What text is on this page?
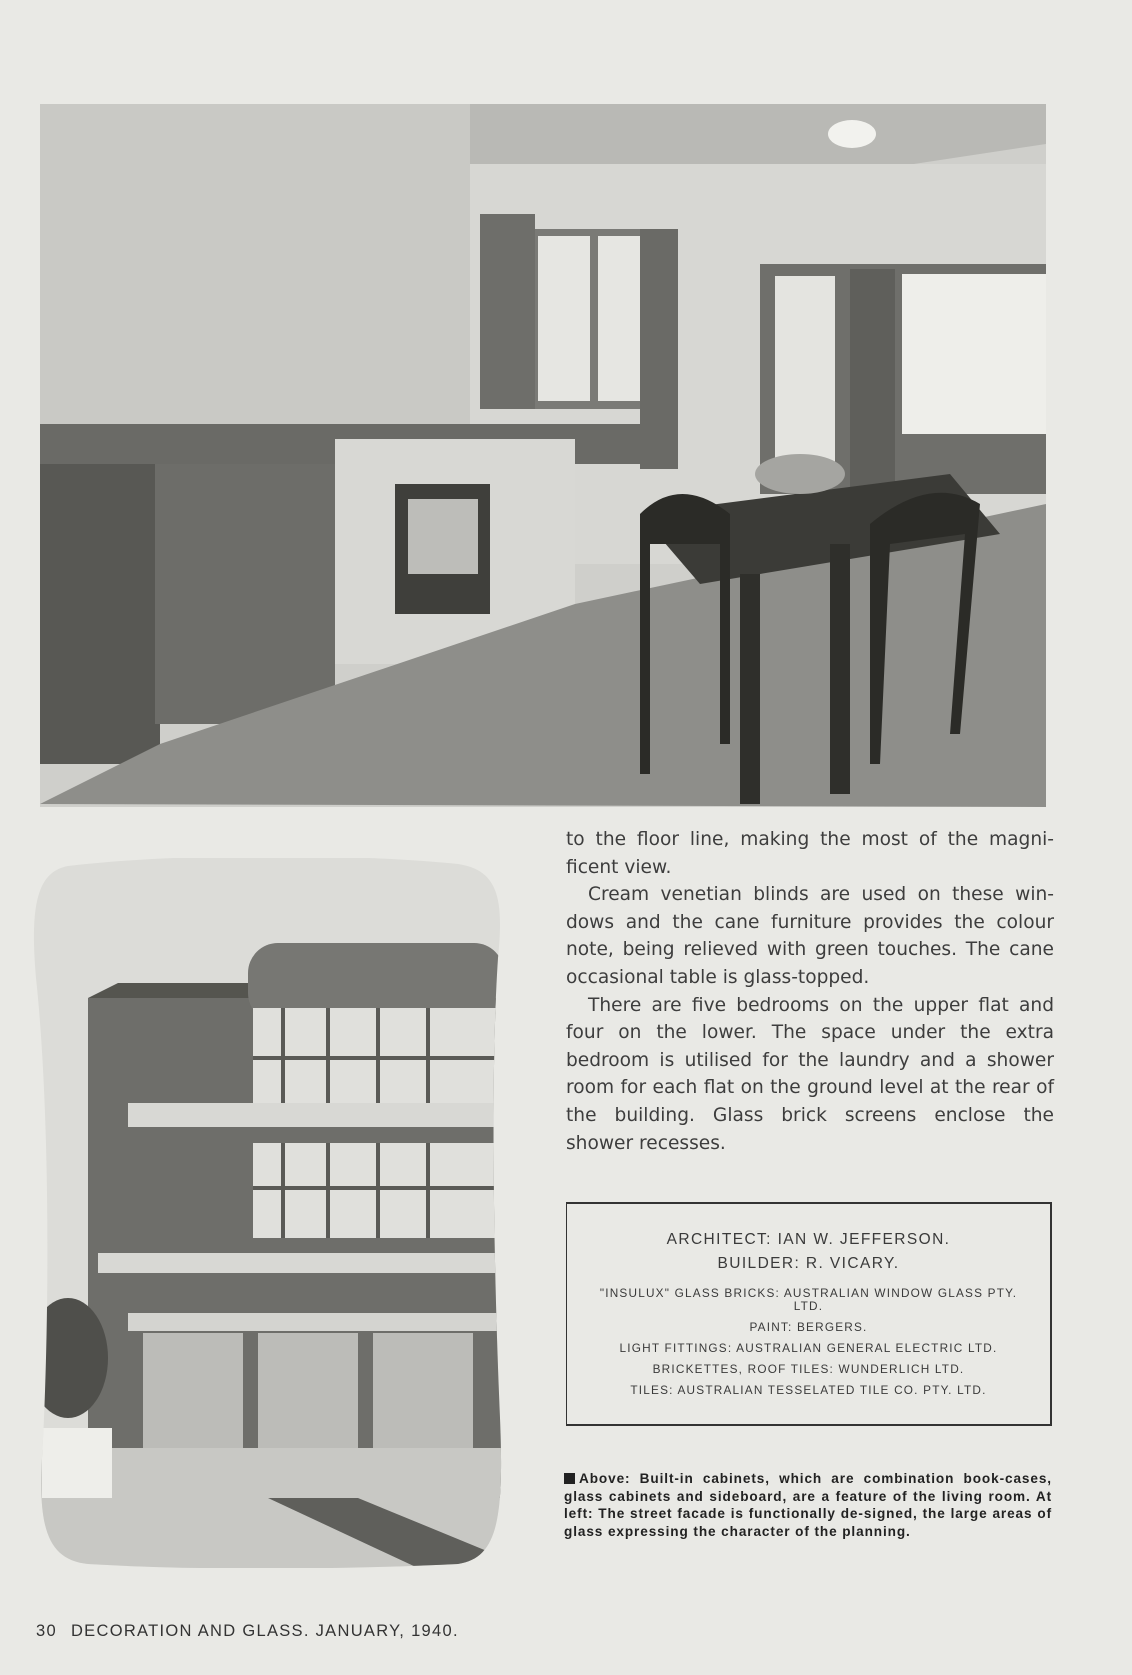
to the floor line, making the most of the magni-ficent view.

Cream venetian blinds are used on these win-dows and the cane furniture provides the colour note, being relieved with green touches. The cane occasional table is glass-topped.

There are five bedrooms on the upper flat and four on the lower. The space under the extra bedroom is utilised for the laundry and a shower room for each flat on the ground level at the rear of the building. Glass brick screens enclose the shower recesses.

ARCHITECT: IAN W. JEFFERSON.
BUILDER: R. VICARY.
"INSULUX" GLASS BRICKS: AUSTRALIAN WINDOW GLASS PTY. LTD.
PAINT: BERGERS.
LIGHT FITTINGS: AUSTRALIAN GENERAL ELECTRIC LTD.
BRICKETTES, ROOF TILES: WUNDERLICH LTD.
TILES: AUSTRALIAN TESSELATED TILE CO. PTY. LTD.

Above: Built-in cabinets, which are combination book-cases, glass cabinets and sideboard, are a feature of the living room. At left: The street facade is functionally de-signed, the large areas of glass expressing the character of the planning.

30 DECORATION AND GLASS. JANUARY, 1940.
